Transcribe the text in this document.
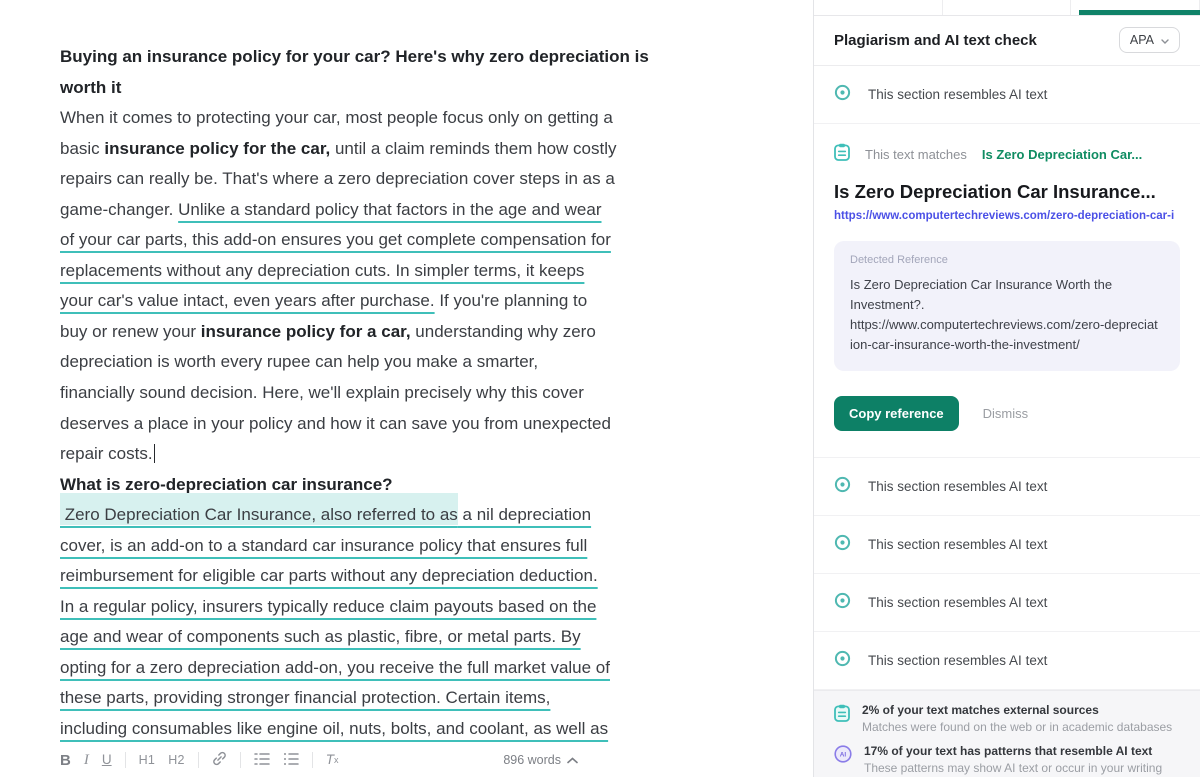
Buying an insurance policy for your car? Here's why zero depreciation is
worth it
When it comes to protecting your car, most people focus only on getting a
basic insurance policy for the car, until a claim reminds them how costly
repairs can really be. That's where a zero depreciation cover steps in as a
game-changer. Unlike a standard policy that factors in the age and wear
of your car parts, this add-on ensures you get complete compensation for
replacements without any depreciation cuts. In simpler terms, it keeps
your car's value intact, even years after purchase. If you're planning to
buy or renew your insurance policy for a car, understanding why zero
depreciation is worth every rupee can help you make a smarter,
financially sound decision. Here, we'll explain precisely why this cover
deserves a place in your policy and how it can save you from unexpected
repair costs.
What is zero-depreciation car insurance?
Zero Depreciation Car Insurance, also referred to as a nil depreciation
cover, is an add-on to a standard car insurance policy that ensures full
reimbursement for eligible car parts without any depreciation deduction.
In a regular policy, insurers typically reduce claim payouts based on the
age and wear of components such as plastic, fibre, or metal parts. By
opting for a zero depreciation add-on, you receive the full market value of
these parts, providing stronger financial protection. Certain items,
including consumables like engine oil, nuts, bolts, and coolant, as well as
B I U H1 H2	T x	896 words
Plagiarism and AI text check	APA
This section resembles AI text
This text matches Is Zero Depreciation Car...
Is Zero Depreciation Car Insurance...
https://www.computertechreviews.com/zero-depreciation-car-i
Detected Reference
Is Zero Depreciation Car Insurance Worth the Investment?.
https://www.computertechreviews.com/zero-depreciation-car-insurance-worth-the-investment/
Copy reference	Dismiss
This section resembles AI text
This section resembles AI text
This section resembles AI text
This section resembles AI text
2% of your text matches external sources
Matches were found on the web or in academic databases
AI 17% of your text has patterns that resemble AI text
These patterns may show AI text or occur in your writing
